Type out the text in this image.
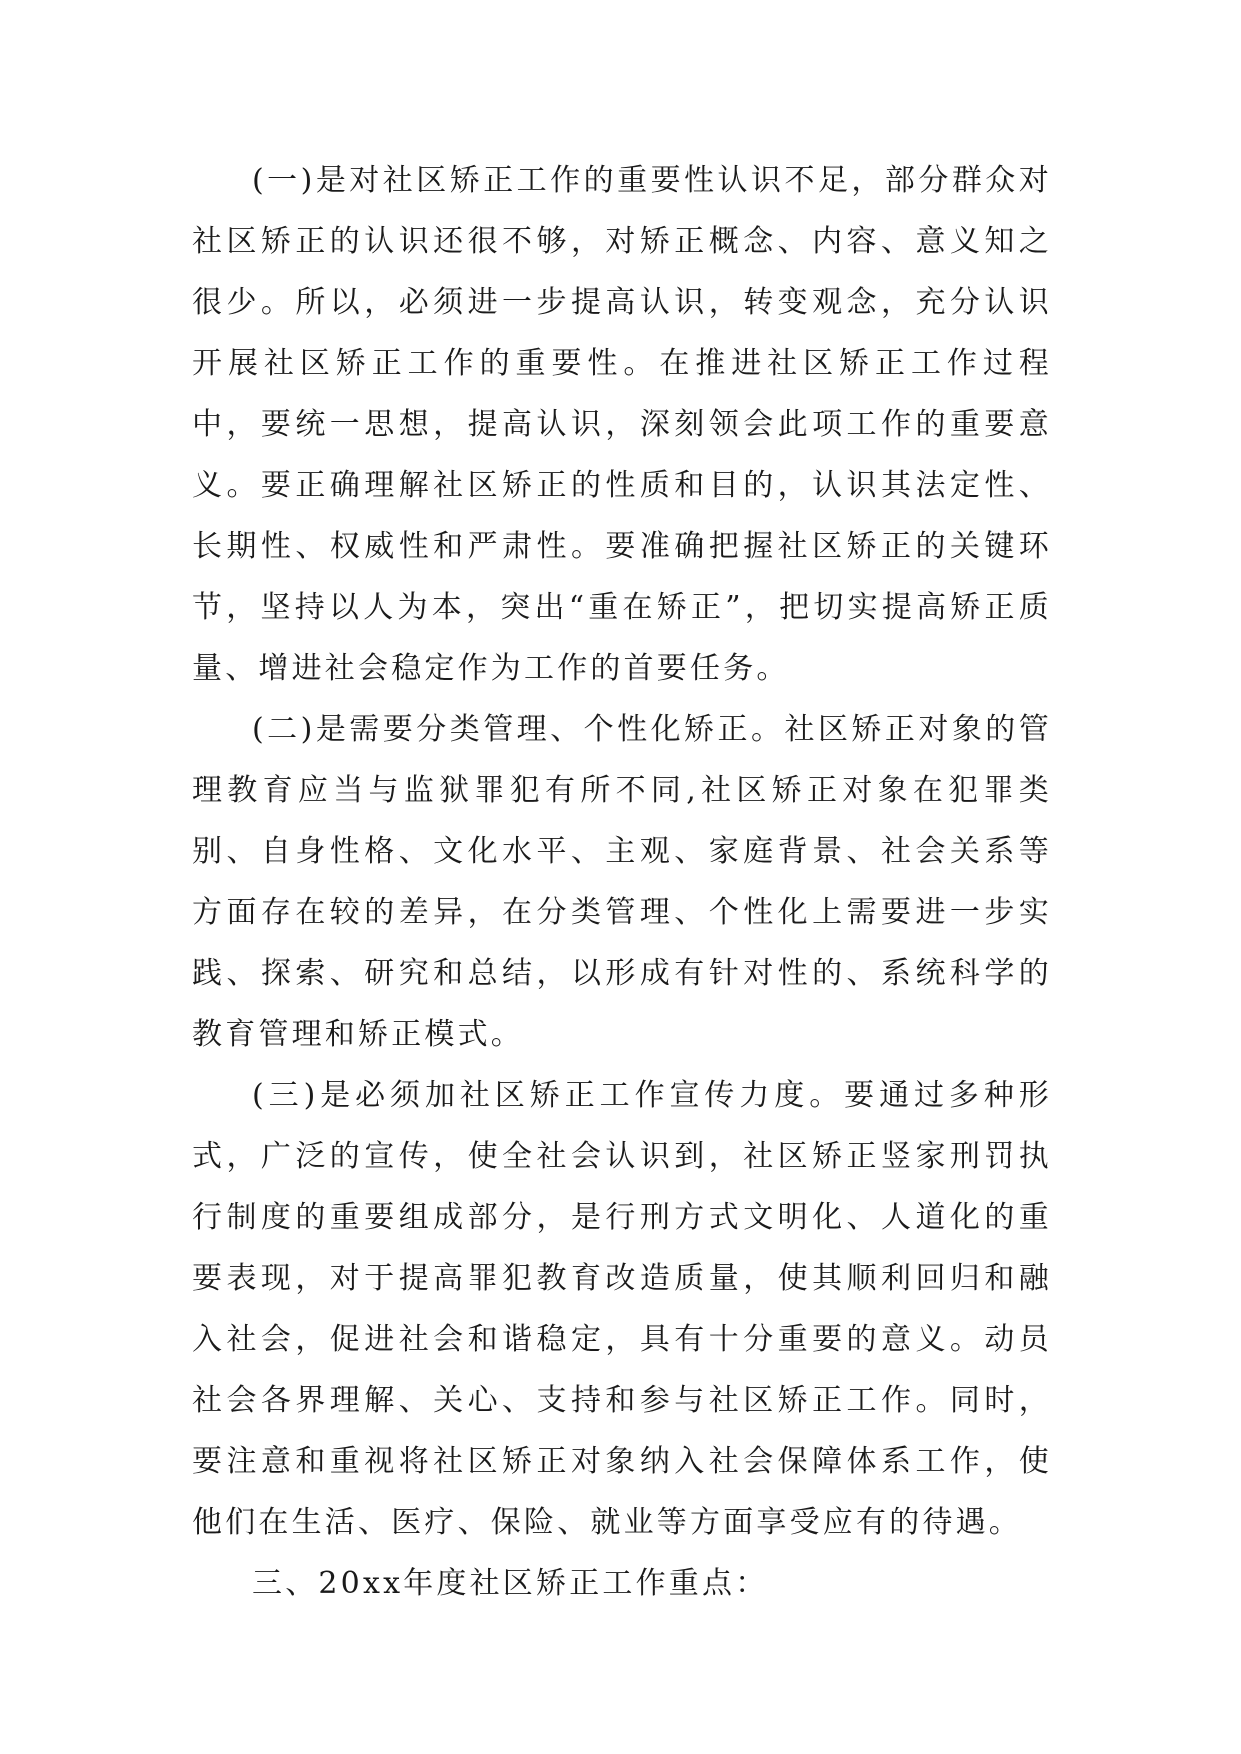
(一)是对社区矫正工作的重要性认识不足，部分群众对社区矫正的认识还很不够，对矫正概念、内容、意义知之很少。所以，必须进一步提高认识，转变观念，充分认识开展社区矫正工作的重要性。在推进社区矫正工作过程中，要统一思想，提高认识，深刻领会此项工作的重要意义。要正确理解社区矫正的性质和目的，认识其法定性、长期性、权威性和严肃性。要准确把握社区矫正的关键环节，坚持以人为本，突出“重在矫正”，把切实提高矫正质量、增进社会稳定作为工作的首要任务。

(二)是需要分类管理、个性化矫正。社区矫正对象的管理教育应当与监狱罪犯有所不同,社区矫正对象在犯罪类别、自身性格、文化水平、主观、家庭背景、社会关系等方面存在较的差异，在分类管理、个性化上需要进一步实践、探索、研究和总结，以形成有针对性的、系统科学的教育管理和矫正模式。

(三)是必须加社区矫正工作宣传力度。要通过多种形式，广泛的宣传，使全社会认识到，社区矫正竖家刑罚执行制度的重要组成部分，是行刑方式文明化、人道化的重要表现，对于提高罪犯教育改造质量，使其顺利回归和融入社会，促进社会和谐稳定，具有十分重要的意义。动员社会各界理解、关心、支持和参与社区矫正工作。同时，要注意和重视将社区矫正对象纳入社会保障体系工作，使他们在生活、医疗、保险、就业等方面享受应有的待遇。

三、20xx年度社区矫正工作重点：
